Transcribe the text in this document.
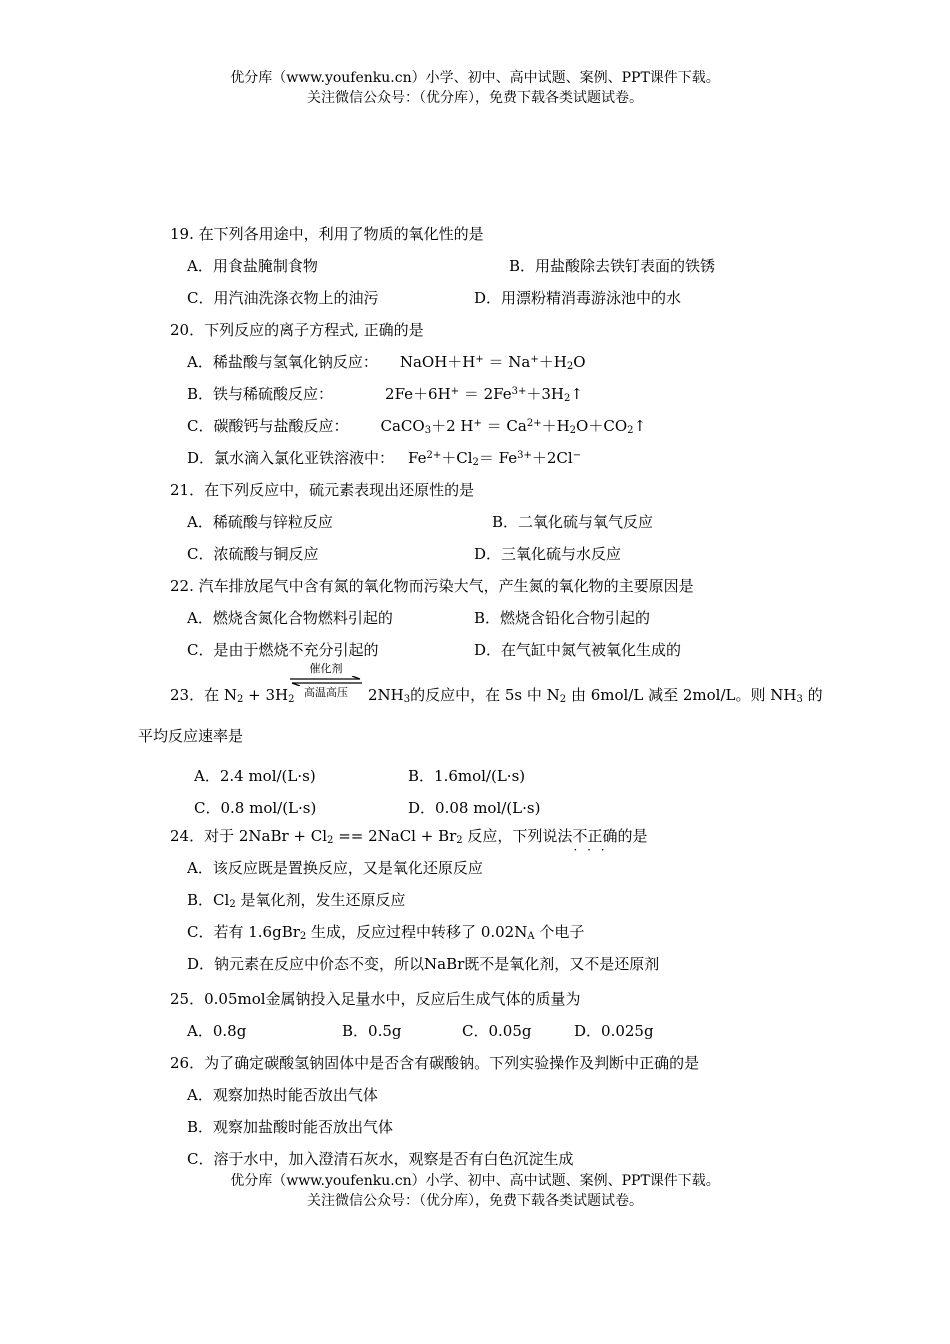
优分库（www.youfenku.cn）小学、初中、高中试题、案例、PPT课件下载。
关注微信公众号：（优分库），免费下载各类试题试卷。
19. 在下列各用途中，利用了物质的氧化性的是
A．用食盐腌制食物	B．用盐酸除去铁钉表面的铁锈
C．用汽油洗涤衣物上的油污	D．用漂粉精消毒游泳池中的水
20．下列反应的离子方程式, 正确的是
A．稀盐酸与氢氧化钠反应： NaOH＋H+ ＝ $Na^++H_2O$
B．铁与稀硫酸反应：	$2Fe+6H^+ = 2Fe^{3+}+3H_2↑$
C．碳酸钙与盐酸反应： CaCO$_3$＋2 $H^+ = Ca^{2+}+H_2O+CO_2↑$
D．氯水滴入氯化亚铁溶液中： $Fe^{2+}+Cl_2= Fe^{3+}+2Cl^-$
21．在下列反应中，硫元素表现出还原性的是
A．稀硫酸与锌粒反应	B．二氧化硫与氧气反应
C．浓硫酸与铜反应	D．三氧化硫与水反应
22. 汽车排放尾气中含有氮的氧化物而污染大气，产生氮的氧化物的主要原因是
A．燃烧含氮化合物燃料引起的	B．燃烧含铅化合物引起的
C．是由于燃烧不充分引起的	D．在气缸中氮气被氧化生成的
23．在 $N_2 + 3H_2$
催化剂
高温高压	$2NH_3$的反应中，在 5s 中 $N_2$ 由 6mol/L 减至 2mol/L。则 $NH_3$ 的
平均反应速率是
A．2.4 mol/(L·s)	B．1.6mol/(L·s)
C．0.8 mol/(L·s)	D．0.08 mol/(L·s)
24．对于 2NaBr + $Cl_2$ == 2NaCl + $Br_2$ 反应，下列说法不正确 · · ·的是
A．该反应既是置换反应，又是氧化还原反应
B．$Cl_2$ 是氧化剂，发生还原反应
C．若有 1.6gBr$_2$ 生成，反应过程中转移了 $0.02N_A$ 个电子
D．钠元素在反应中价态不变，所以NaBr既不是氧化剂，又不是还原剂
25．0.05mol金属钠投入足量水中，反应后生成气体的质量为
A．0.8g	B．0.5g	C．0.05g	D．0.025g
26．为了确定碳酸氢钠固体中是否含有碳酸钠。下列实验操作及判断中正确的是
A．观察加热时能否放出气体
B．观察加盐酸时能否放出气体
C．溶于水中，加入澄清石灰水，观察是否有白色沉淀生成
优分库（www.youfenku.cn）小学、初中、高中试题、案例、PPT课件下载。
关注微信公众号：（优分库），免费下载各类试题试卷。
